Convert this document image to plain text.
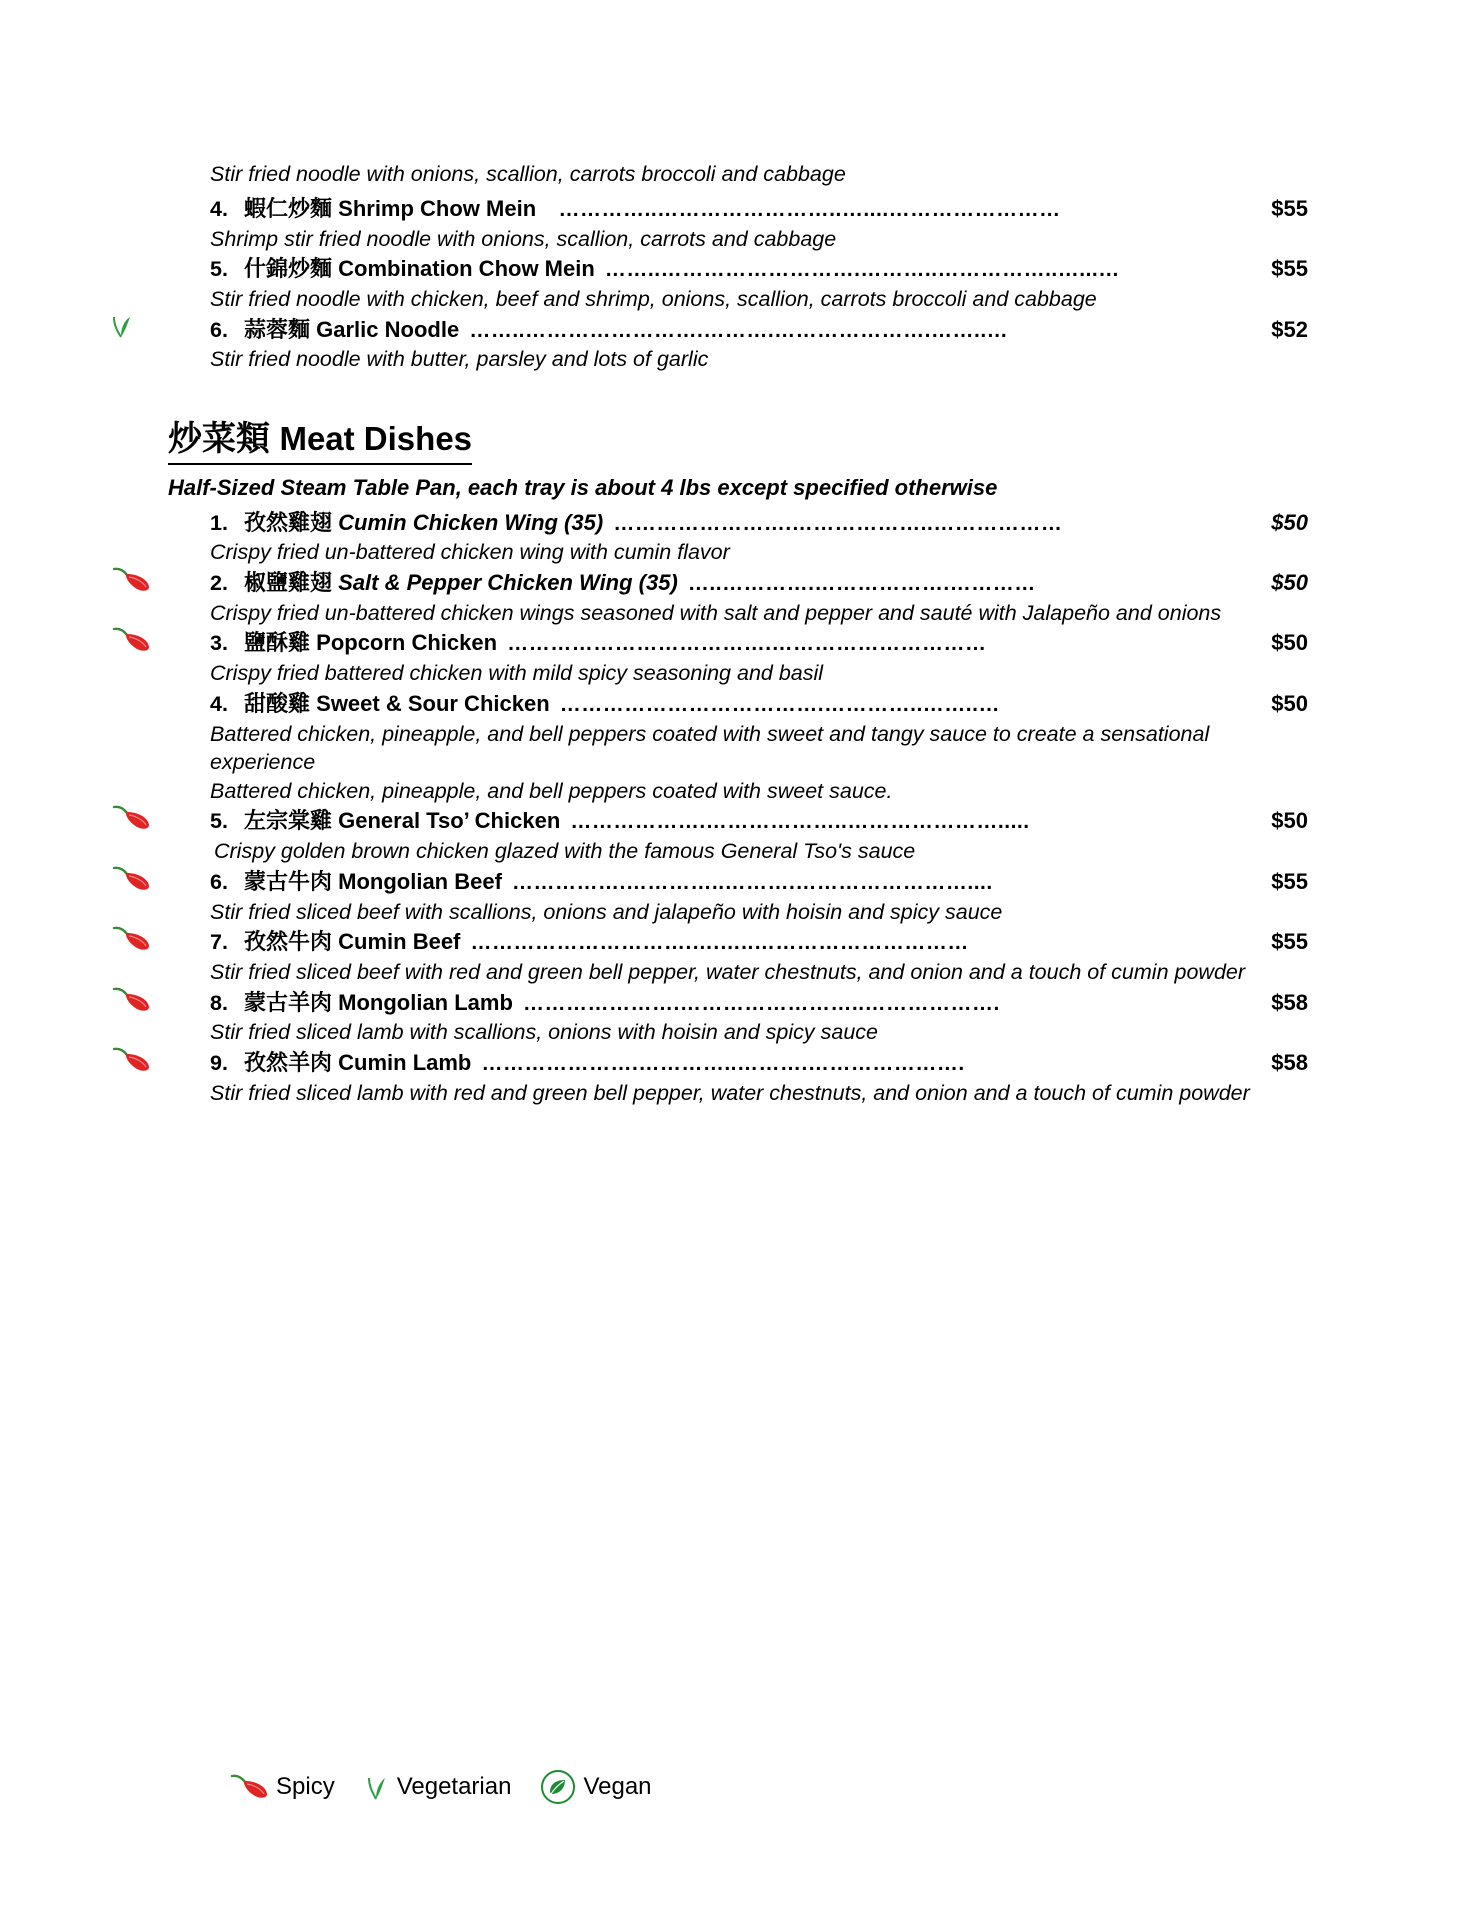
Stir fried noodle with onions, scallion, carrots broccoli and cabbage
4. 蝦仁炒麵 Shrimp Chow Mein	…………..……………………..…....……………………	$55
Shrimp stir fried noodle with onions, scallion, carrots and cabbage
5. 什錦炒麵 Combination Chow Mein ……..……………………….………..……………..…...…	$55
Stir fried noodle with chicken, beef and shrimp, onions, scallion, carrots broccoli and cabbage
6. 蒜蓉麵 Garlic Noodle ……..…………………….……….………………….……..…	$52
Stir fried noodle with butter, parsley and lots of garlic
炒菜類 Meat Dishes
Half-Sized Steam Table Pan, each tray is about 4 lbs except specified otherwise
1. 孜然雞翅 Cumin Chicken Wing (35) …………………….………………..………………	$50
Crispy fried un-battered chicken wing with cumin flavor
2. 椒鹽雞翅 Salt & Pepper Chicken Wing (35) …..………….……………….…………	$50
Crispy fried un-battered chicken wings seasoned with salt and pepper and sauté with Jalapeño and onions
3. 鹽酥雞 Popcorn Chicken ……………………………….…………………………	$50
Crispy fried battered chicken with mild spicy seasoning and basil
4. 甜酸雞 Sweet & Sour Chicken ……………………………….…………..……..…	$50
Battered chicken, pineapple, and bell peppers coated with sweet and tangy sauce to create a sensational experience
Battered chicken, pineapple, and bell peppers coated with sweet sauce.
5. 左宗棠雞 General Tso’ Chicken ……………….………………..………………….....	$50
Crispy golden brown chicken glazed with the famous General Tso's sauce
6. 蒙古牛肉 Mongolian Beef …………….…………..……….……………………....	$55
Stir fried sliced beef with scallions, onions and jalapeño with hoisin and spicy sauce
7. 孜然牛肉 Cumin Beef ………………………….….…..…………………………	$55
Stir fried sliced beef with red and green bell pepper, water chestnuts, and onion and a touch of cumin powder
8. 蒙古羊肉 Mongolian Lamb ………………….……………………..……………….	$58
Stir fried sliced lamb with scallions, onions with hoisin and spicy sauce
9. 孜然羊肉 Cumin Lamb ………………….…………..……….………………….	$58
Stir fried sliced lamb with red and green bell pepper, water chestnuts, and onion and a touch of cumin powder
Spicy	Vegetarian	Vegan
